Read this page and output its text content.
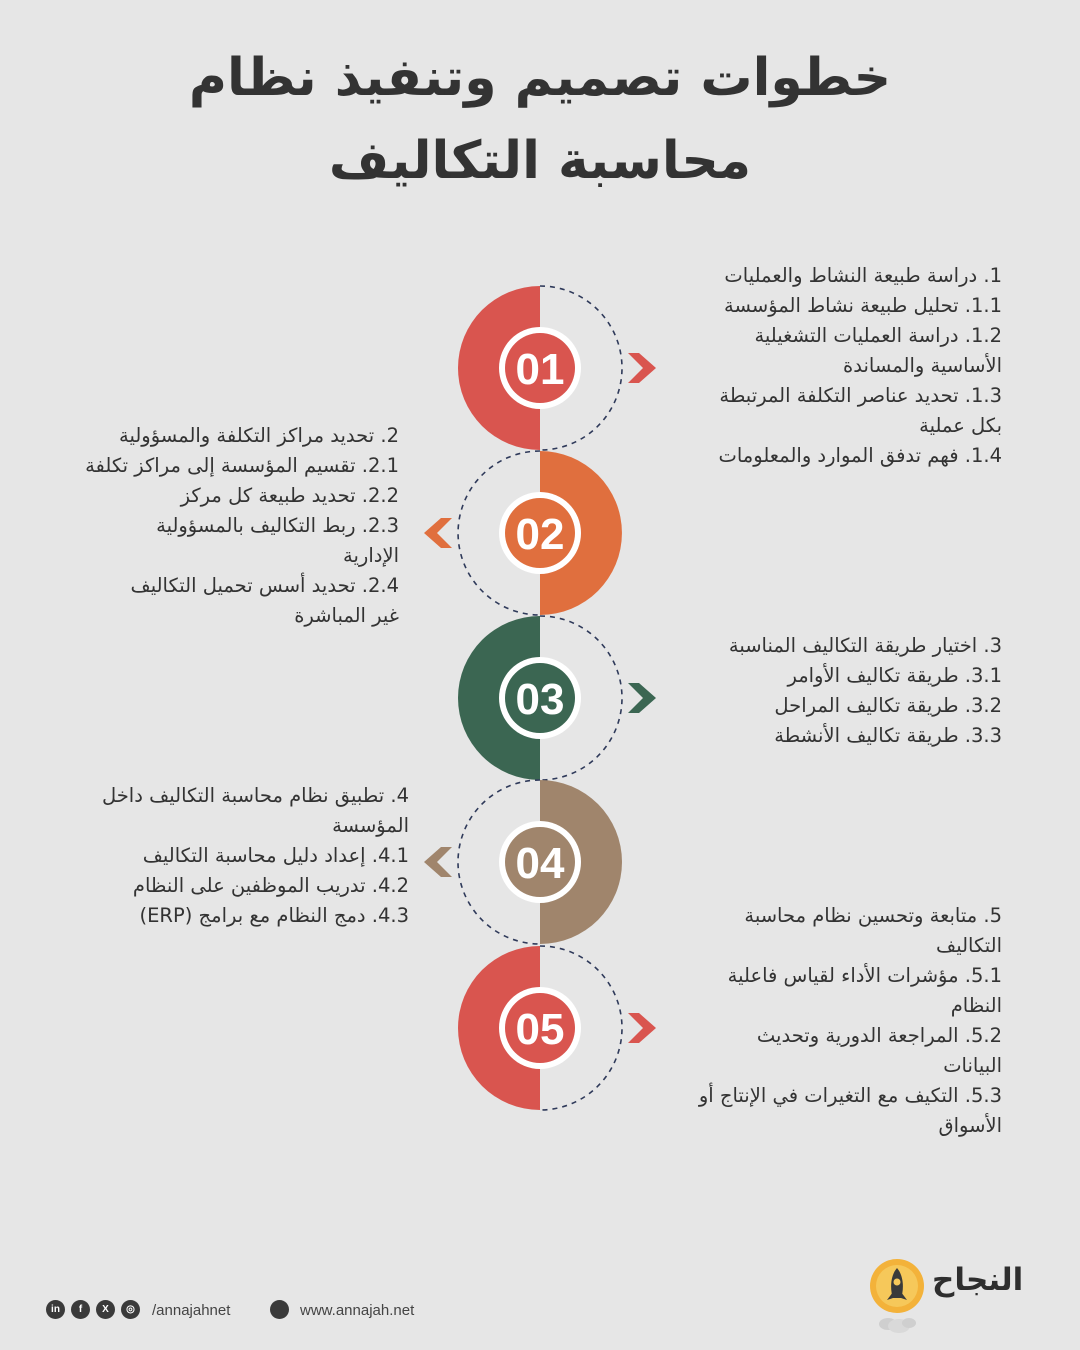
خطوات تصميم وتنفيذ نظام
محاسبة التكاليف
01
02
03
04
05
1. دراسة طبيعة النشاط والعمليات
1.1. تحليل طبيعة نشاط المؤسسة
1.2. دراسة العمليات التشغيلية
الأساسية والمساندة
1.3. تحديد عناصر التكلفة المرتبطة
بكل عملية
1.4. فهم تدفق الموارد والمعلومات
2. تحديد مراكز التكلفة والمسؤولية
2.1. تقسيم المؤسسة إلى مراكز تكلفة
2.2. تحديد طبيعة كل مركز
2.3. ربط التكاليف بالمسؤولية
الإدارية
2.4. تحديد أسس تحميل التكاليف
غير المباشرة
3. اختيار طريقة التكاليف المناسبة
3.1. طريقة تكاليف الأوامر
3.2. طريقة تكاليف المراحل
3.3. طريقة تكاليف الأنشطة
4. تطبيق نظام محاسبة التكاليف داخل
المؤسسة
4.1. إعداد دليل محاسبة التكاليف
4.2. تدريب الموظفين على النظام
4.3. دمج النظام مع برامج (ERP)	5. متابعة وتحسين نظام محاسبة
التكاليف
5.1. مؤشرات الأداء لقياس فاعلية
النظام
5.2. المراجعة الدورية وتحديث
البيانات
5.3. التكيف مع التغيرات في الإنتاج أو
الأسواق
in	f	X	◎	/annajahnet	www.annajah.net
النجاح
